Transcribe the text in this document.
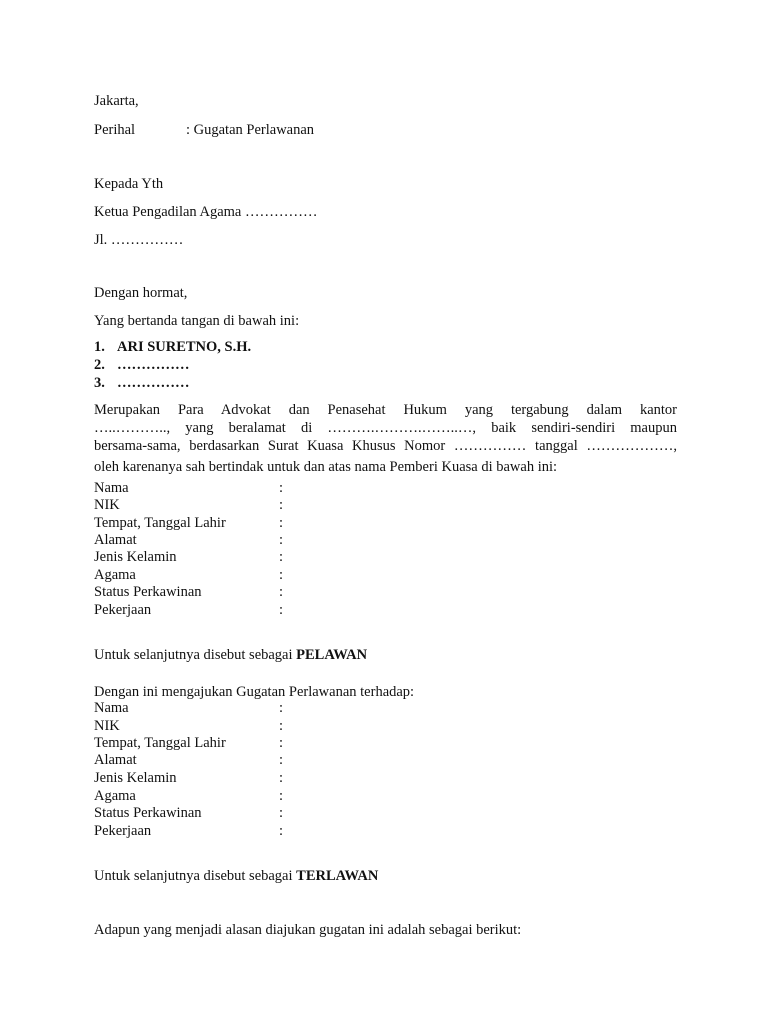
Jakarta,
Perihal	: Gugatan Perlawanan
Kepada Yth
Ketua Pengadilan Agama ……………
Jl. ……………
Dengan hormat,
Yang bertanda tangan di bawah ini:
1. ARI SURETNO, S.H.
2. ……………
3. ……………
Merupakan Para Advokat dan Penasehat Hukum yang tergabung dalam kantor
…..……….., yang beralamat di ……….……….……..…, baik sendiri-sendiri maupun
bersama-sama, berdasarkan Surat Kuasa Khusus Nomor …………… tanggal ………………,
oleh karenanya sah bertindak untuk dan atas nama Pemberi Kuasa di bawah ini:
Nama	:
NIK	:
Tempat, Tanggal Lahir	:
Alamat	:
Jenis Kelamin	:
Agama	:
Status Perkawinan	:
Pekerjaan	:
Untuk selanjutnya disebut sebagai PELAWAN
Dengan ini mengajukan Gugatan Perlawanan terhadap:
Nama	:
NIK	:
Tempat, Tanggal Lahir	:
Alamat	:
Jenis Kelamin	:
Agama	:
Status Perkawinan	:
Pekerjaan	:
Untuk selanjutnya disebut sebagai TERLAWAN
Adapun yang menjadi alasan diajukan gugatan ini adalah sebagai berikut:
